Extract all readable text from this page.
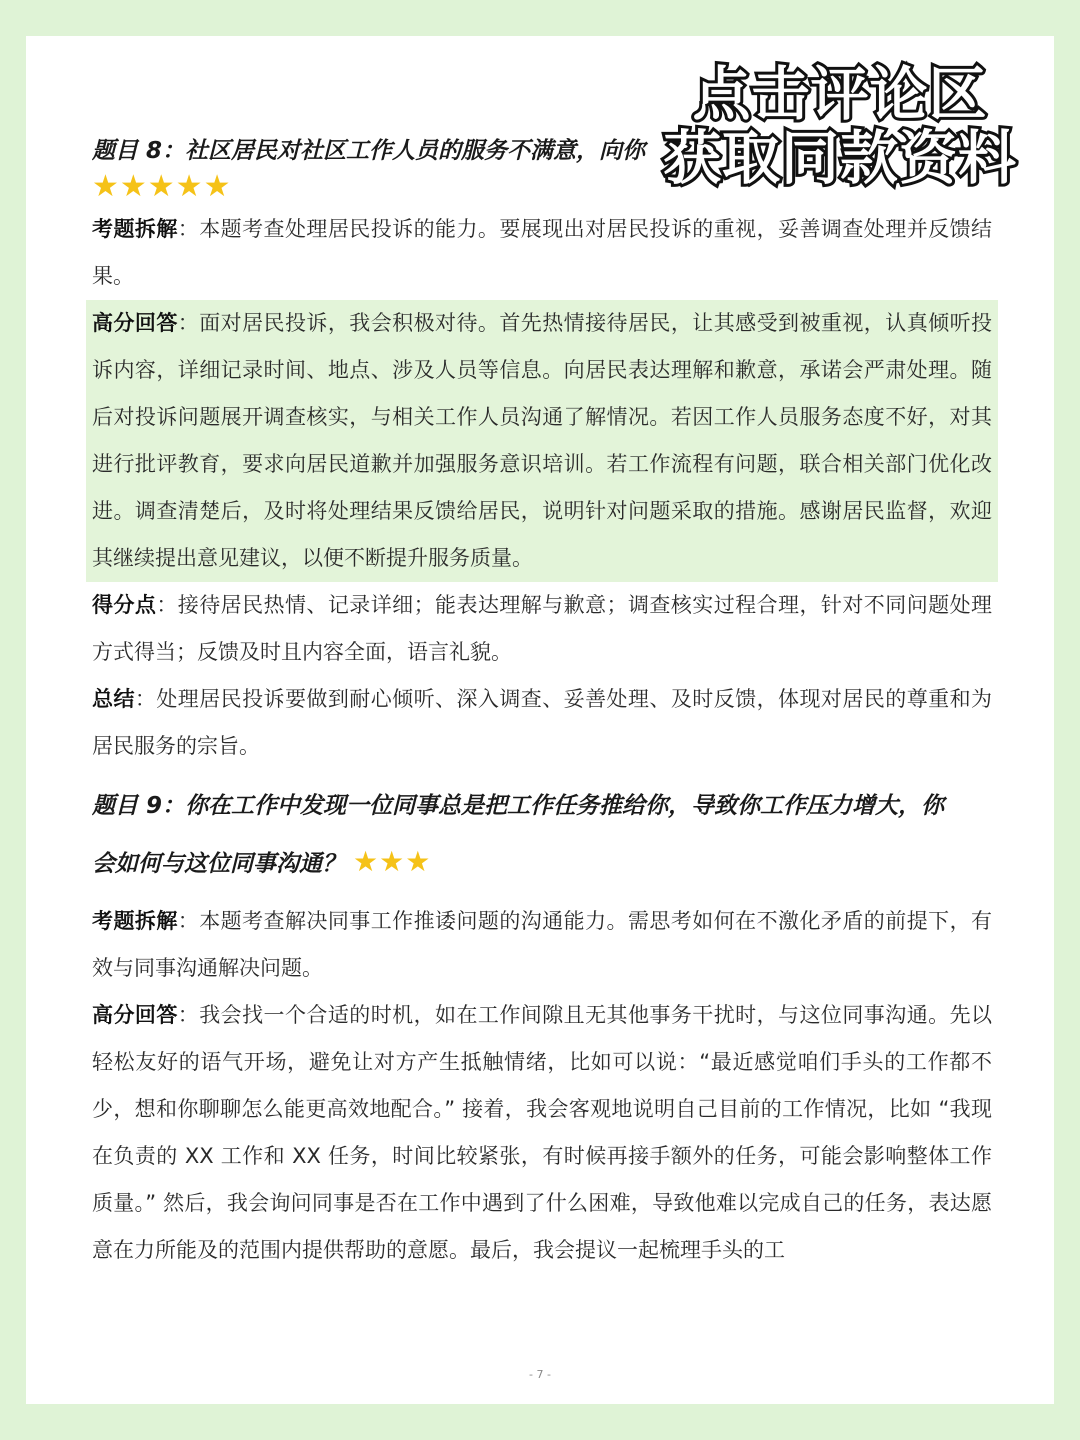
题目 8：社区居民对社区工作人员的服务不满意，向你
★★★★★

考题拆解：本题考查处理居民投诉的能力。要展现出对居民投诉的重视，妥善调查处理并反馈结果。

高分回答：面对居民投诉，我会积极对待。首先热情接待居民，让其感受到被重视，认真倾听投诉内容，详细记录时间、地点、涉及人员等信息。向居民表达理解和歉意，承诺会严肃处理。随后对投诉问题展开调查核实，与相关工作人员沟通了解情况。若因工作人员服务态度不好，对其进行批评教育，要求向居民道歉并加强服务意识培训。若工作流程有问题，联合相关部门优化改进。调查清楚后，及时将处理结果反馈给居民，说明针对问题采取的措施。感谢居民监督，欢迎其继续提出意见建议，以便不断提升服务质量。

得分点：接待居民热情、记录详细；能表达理解与歉意；调查核实过程合理，针对不同问题处理方式得当；反馈及时且内容全面，语言礼貌。

总结：处理居民投诉要做到耐心倾听、深入调查、妥善处理、及时反馈，体现对居民的尊重和为居民服务的宗旨。

题目 9：你在工作中发现一位同事总是把工作任务推给你，导致你工作压力增大，你
会如何与这位同事沟通？ ★★★

考题拆解：本题考查解决同事工作推诿问题的沟通能力。需思考如何在不激化矛盾的前提下，有效与同事沟通解决问题。

高分回答：我会找一个合适的时机，如在工作间隙且无其他事务干扰时，与这位同事沟通。先以轻松友好的语气开场，避免让对方产生抵触情绪，比如可以说：“最近感觉咱们手头的工作都不少，想和你聊聊怎么能更高效地配合。” 接着，我会客观地说明自己目前的工作情况，比如 “我现在负责的 XX 工作和 XX 任务，时间比较紧张，有时候再接手额外的任务，可能会影响整体工作质量。” 然后，我会询问同事是否在工作中遇到了什么困难，导致他难以完成自己的任务，表达愿意在力所能及的范围内提供帮助的意愿。最后，我会提议一起梳理手头的工

- 7 -
点击评论区
获取同款资料
